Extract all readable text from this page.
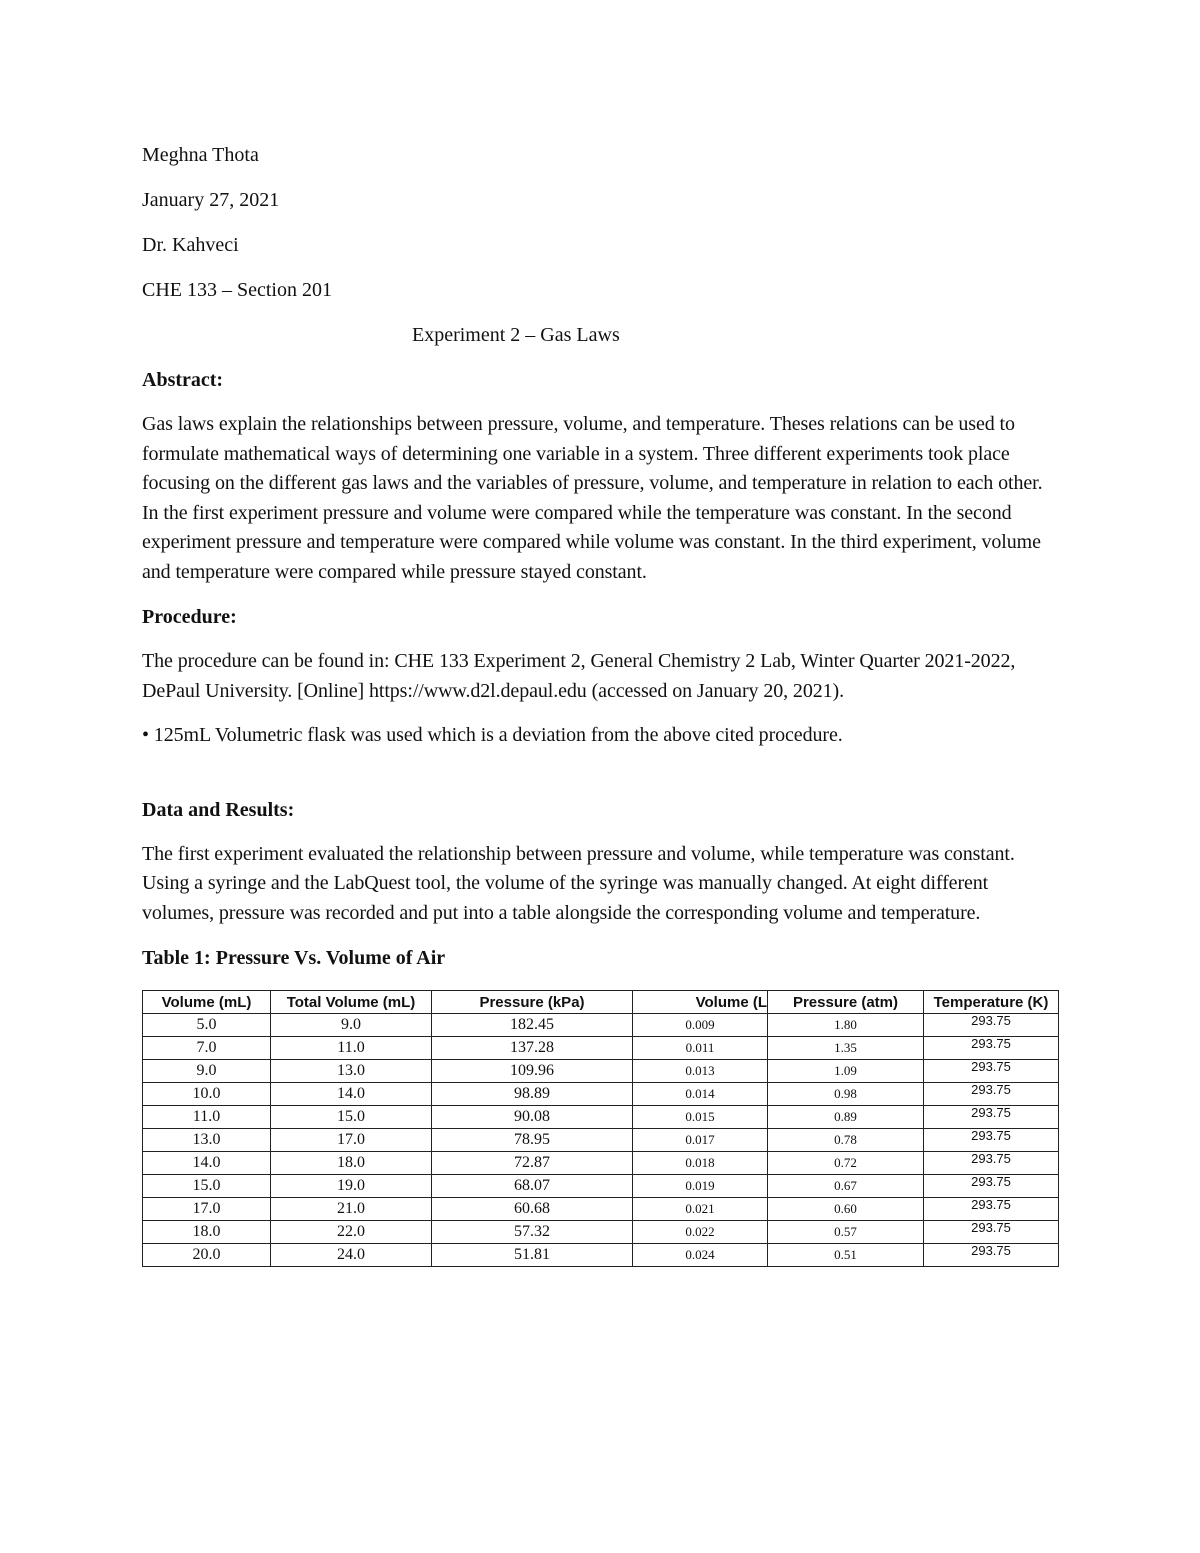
Meghna Thota
January 27, 2021
Dr. Kahveci
CHE 133 – Section 201
Experiment 2 – Gas Laws
Abstract:

Gas laws explain the relationships between pressure, volume, and temperature. Theses relations can be used to formulate mathematical ways of determining one variable in a system. Three different experiments took place focusing on the different gas laws and the variables of pressure, volume, and temperature in relation to each other. In the first experiment pressure and volume were compared while the temperature was constant. In the second experiment pressure and temperature were compared while volume was constant. In the third experiment, volume and temperature were compared while pressure stayed constant.

Procedure:

The procedure can be found in: CHE 133 Experiment 2, General Chemistry 2 Lab, Winter Quarter 2021-2022, DePaul University. [Online] https://www.d2l.depaul.edu (accessed on January 20, 2021).

• 125mL Volumetric flask was used which is a deviation from the above cited procedure.

Data and Results:

The first experiment evaluated the relationship between pressure and volume, while temperature was constant. Using a syringe and the LabQuest tool, the volume of the syringe was manually changed. At eight different volumes, pressure was recorded and put into a table alongside the corresponding volume and temperature.

Table 1: Pressure Vs. Volume of Air
Volume (mL)	Total Volume (mL)	Pressure (kPa)	Volume (L	Pressure (atm)	Temperature (K)
5.0	9.0	182.45	0.009	1.80	293.75
7.0	11.0	137.28	0.011	1.35	293.75
9.0	13.0	109.96	0.013	1.09	293.75
10.0	14.0	98.89	0.014	0.98	293.75
11.0	15.0	90.08	0.015	0.89	293.75
13.0	17.0	78.95	0.017	0.78	293.75
14.0	18.0	72.87	0.018	0.72	293.75
15.0	19.0	68.07	0.019	0.67	293.75
17.0	21.0	60.68	0.021	0.60	293.75
18.0	22.0	57.32	0.022	0.57	293.75
20.0	24.0	51.81	0.024	0.51	293.75
